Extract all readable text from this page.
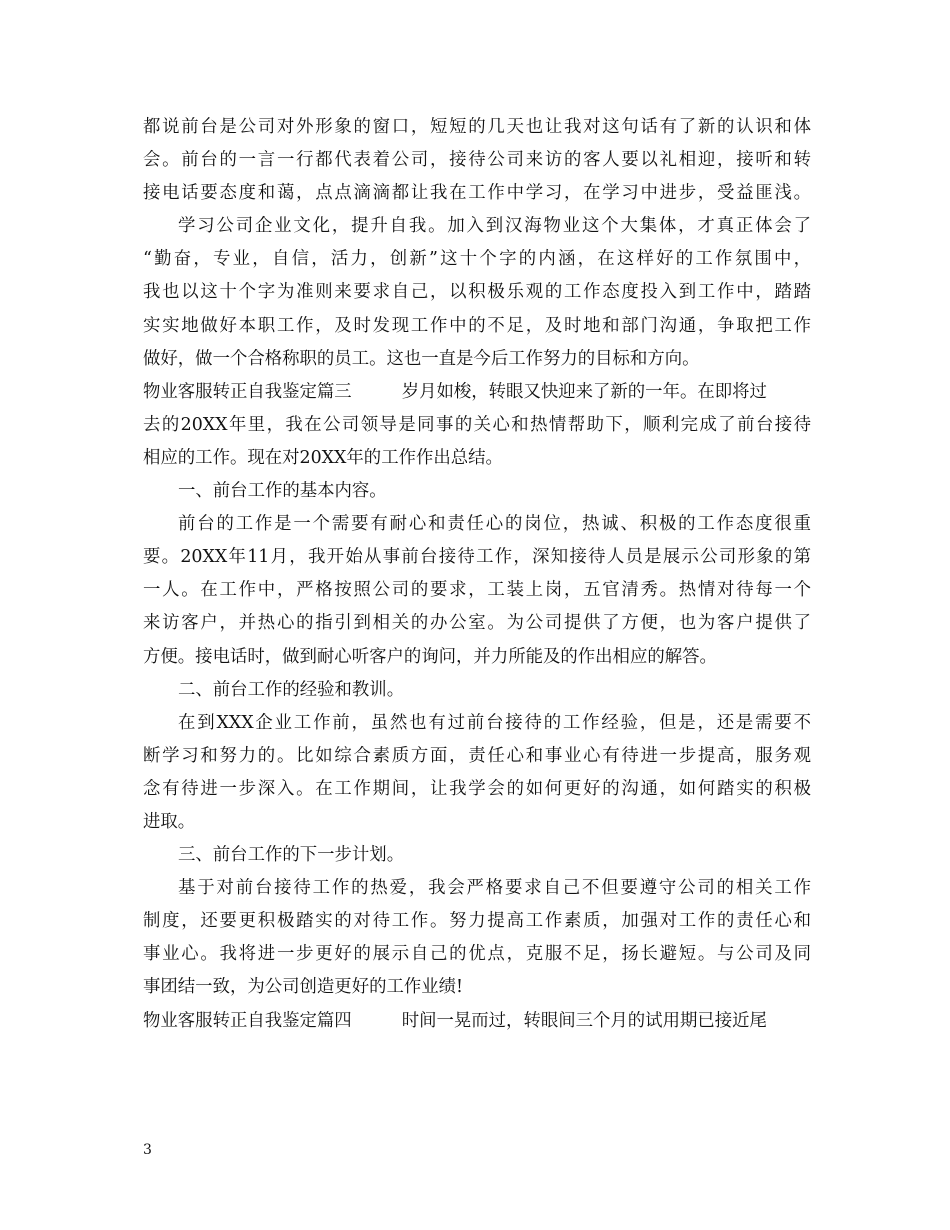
都说前台是公司对外形象的窗口，短短的几天也让我对这句话有了新的认识和体
会。前台的一言一行都代表着公司，接待公司来访的客人要以礼相迎，接听和转
接电话要态度和蔼，点点滴滴都让我在工作中学习，在学习中进步，受益匪浅。
学习公司企业文化，提升自我。加入到汉海物业这个大集体，才真正体会了
“勤奋，专业，自信，活力，创新”这十个字的内涵，在这样好的工作氛围中，
我也以这十个字为准则来要求自己，以积极乐观的工作态度投入到工作中，踏踏
实实地做好本职工作，及时发现工作中的不足，及时地和部门沟通，争取把工作
做好，做一个合格称职的员工。这也一直是今后工作努力的目标和方向。
物业客服转正自我鉴定篇三	岁月如梭，转眼又快迎来了新的一年。在即将过
去的20XX年里，我在公司领导是同事的关心和热情帮助下，顺利完成了前台接待
相应的工作。现在对20XX年的工作作出总结。
一、前台工作的基本内容。
前台的工作是一个需要有耐心和责任心的岗位，热诚、积极的工作态度很重
要。20XX年11月，我开始从事前台接待工作，深知接待人员是展示公司形象的第
一人。在工作中，严格按照公司的要求，工装上岗，五官清秀。热情对待每一个
来访客户，并热心的指引到相关的办公室。为公司提供了方便，也为客户提供了
方便。接电话时，做到耐心听客户的询问，并力所能及的作出相应的解答。
二、前台工作的经验和教训。
在到XXX企业工作前，虽然也有过前台接待的工作经验，但是，还是需要不
断学习和努力的。比如综合素质方面，责任心和事业心有待进一步提高，服务观
念有待进一步深入。在工作期间，让我学会的如何更好的沟通，如何踏实的积极
进取。
三、前台工作的下一步计划。
基于对前台接待工作的热爱，我会严格要求自己不但要遵守公司的相关工作
制度，还要更积极踏实的对待工作。努力提高工作素质，加强对工作的责任心和
事业心。我将进一步更好的展示自己的优点，克服不足，扬长避短。与公司及同
事团结一致，为公司创造更好的工作业绩!
物业客服转正自我鉴定篇四	时间一晃而过，转眼间三个月的试用期已接近尾
3
